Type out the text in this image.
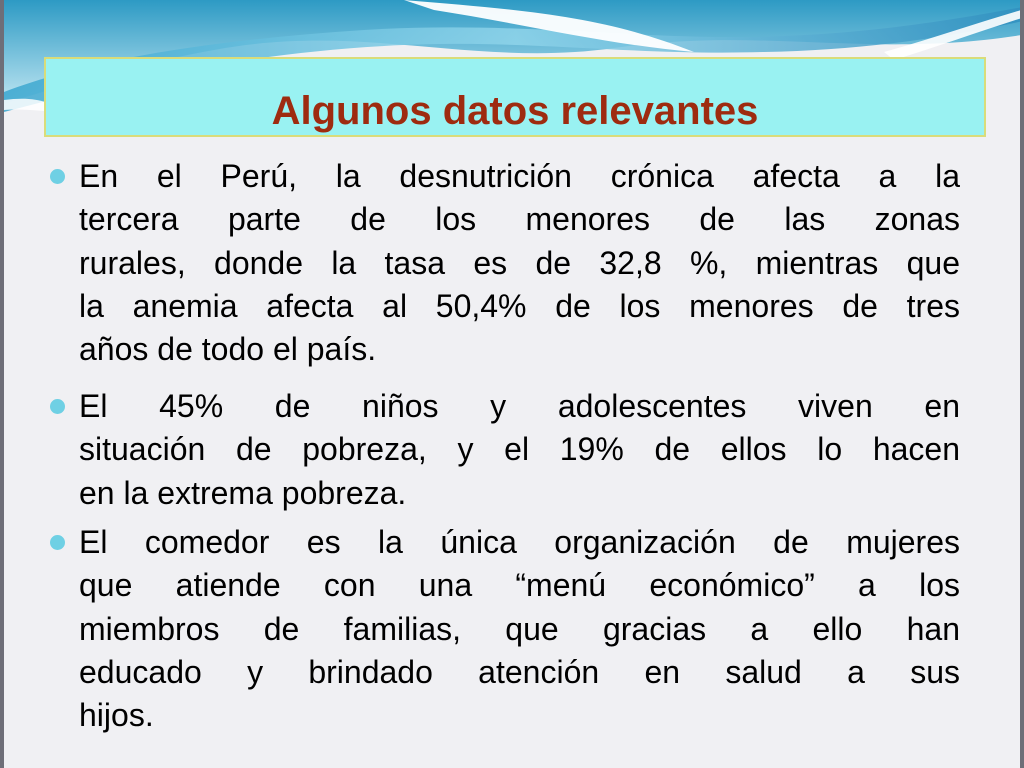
Algunos datos relevantes
En el Perú, la desnutrición crónica afecta a la
tercera parte de los menores de las zonas
rurales, donde la tasa es de 32,8 %, mientras que
la anemia afecta al 50,4% de los menores de tres
años de todo el país.
El 45% de niños y adolescentes viven en
situación de pobreza, y el 19% de ellos lo hacen
en la extrema pobreza.
El comedor es la única organización de mujeres
que atiende con una “menú económico” a los
miembros de familias, que gracias a ello han
educado y brindado atención en salud a sus
hijos.
